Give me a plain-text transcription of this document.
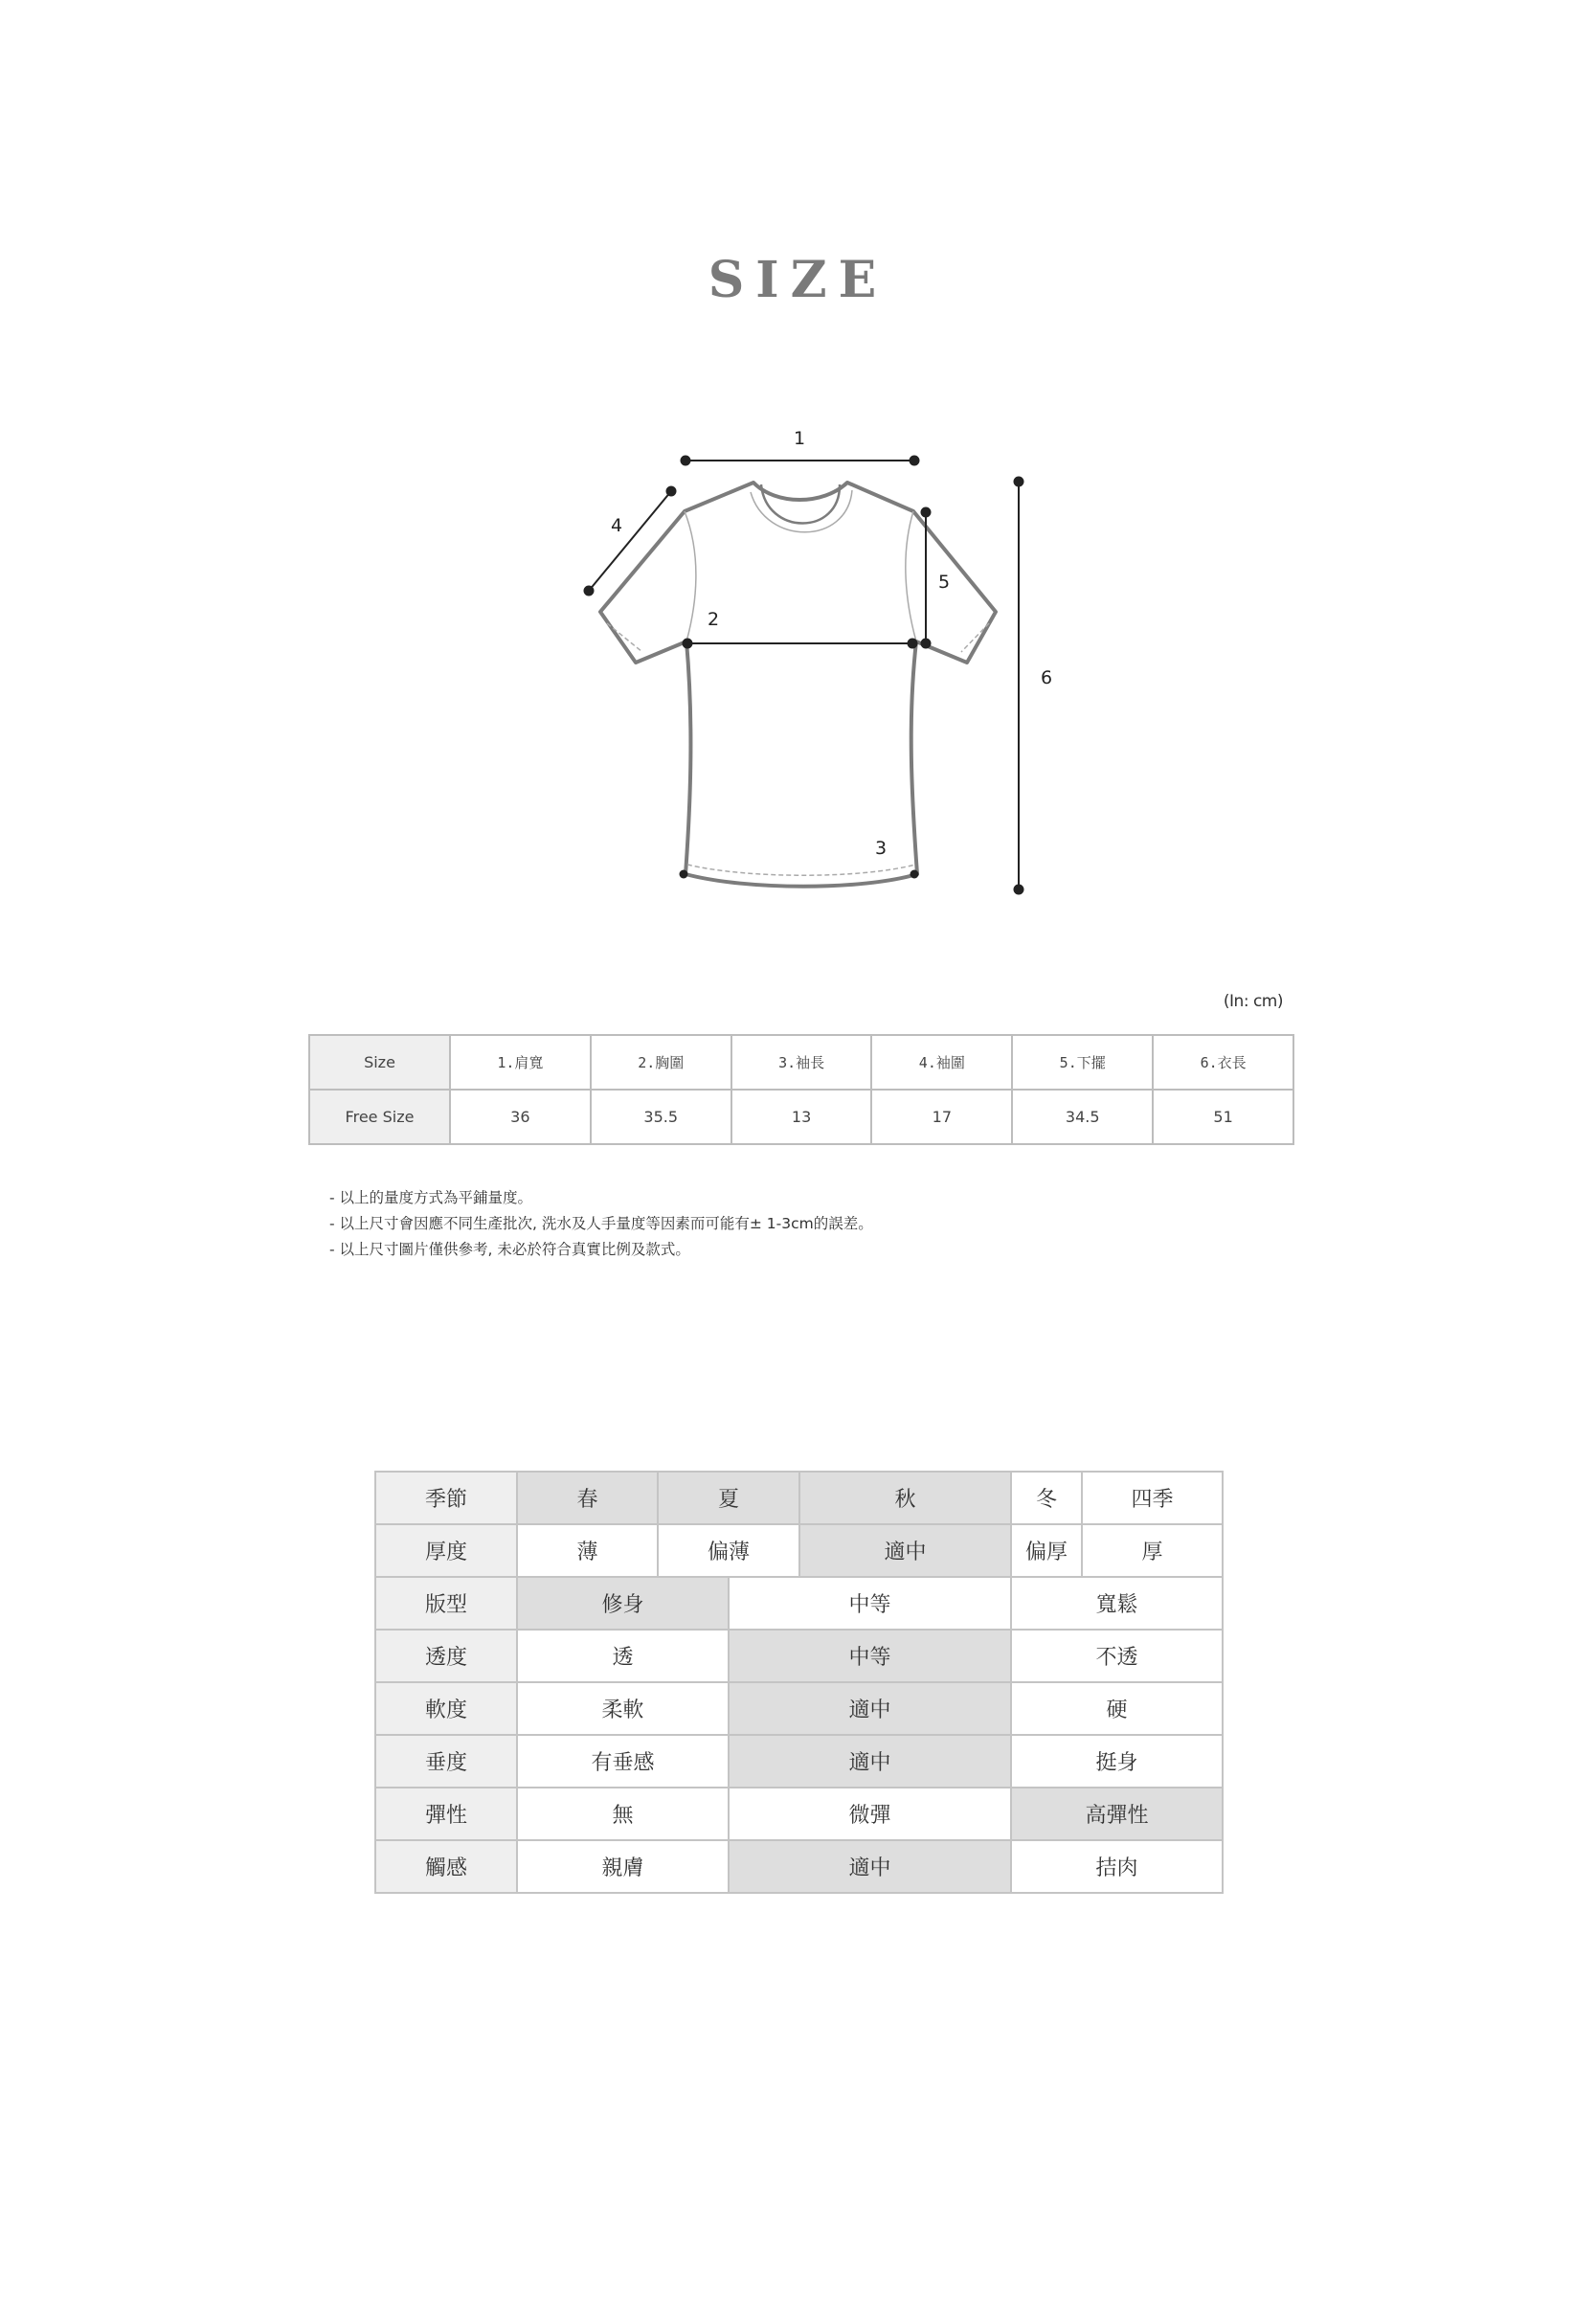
SIZE
1
2
3
4
5
6
(In: cm)
Size	1.肩寬	2.胸圍	3.袖長	4.袖圍	5.下擺	6.衣長
Free Size	36	35.5	13	17	34.5	51
- 以上的量度方式為平鋪量度。
- 以上尺寸會因應不同生產批次, 洗水及人手量度等因素而可能有± 1-3cm的誤差。
- 以上尺寸圖片僅供參考, 未必於符合真實比例及款式。
季節	春	夏		秋	冬	四季
厚度	薄	偏薄		適中	偏厚	厚
版型	修身		中等		寬鬆	
透度	透		中等		不透	
軟度	柔軟		適中		硬	
垂度	有垂感		適中		挺身	
彈性	無		微彈		高彈性	
觸感	親膚		適中		拮肉	
